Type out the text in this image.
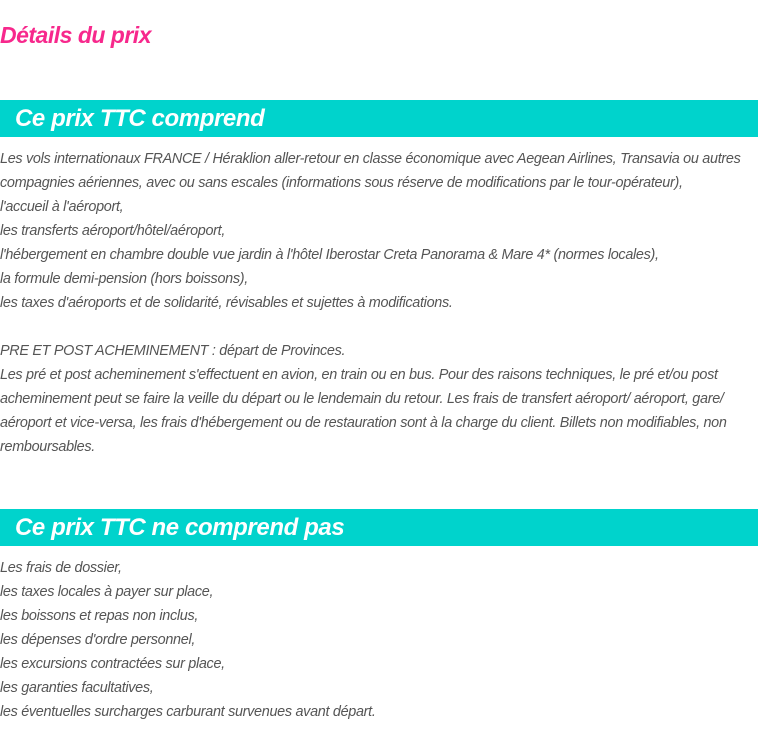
Détails du prix
Ce prix TTC comprend

Les vols internationaux FRANCE / Héraklion aller-retour en classe économique avec Aegean Airlines, Transavia ou autres compagnies aériennes, avec ou sans escales (informations sous réserve de modifications par le tour-opérateur),

l'accueil à l'aéroport,

les transferts aéroport/hôtel/aéroport,

l'hébergement en chambre double vue jardin à l'hôtel Iberostar Creta Panorama & Mare 4* (normes locales),

la formule demi-pension (hors boissons),

les taxes d'aéroports et de solidarité, révisables et sujettes à modifications.

PRE ET POST ACHEMINEMENT : départ de Provinces.

Les pré et post acheminement s'effectuent en avion, en train ou en bus. Pour des raisons techniques, le pré et/ou post acheminement peut se faire la veille du départ ou le lendemain du retour. Les frais de transfert aéroport/ aéroport, gare/ aéroport et vice-versa, les frais d'hébergement ou de restauration sont à la charge du client. Billets non modifiables, non remboursables.

Ce prix TTC ne comprend pas

Les frais de dossier,

les taxes locales à payer sur place,

les boissons et repas non inclus,

les dépenses d'ordre personnel,

les excursions contractées sur place,

les garanties facultatives,

les éventuelles surcharges carburant survenues avant départ.
